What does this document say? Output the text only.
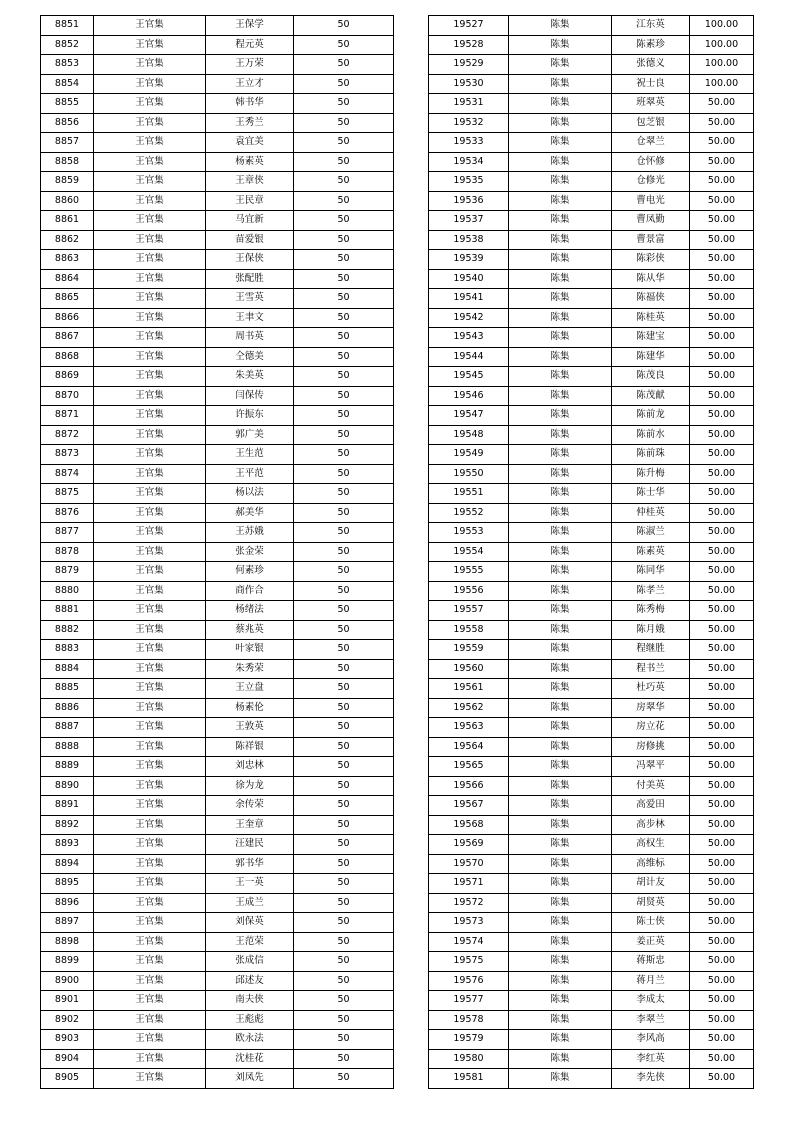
8851	王官集	王保学	50
8852	王官集	程元英	50
8853	王官集	王万荣	50
8854	王官集	王立才	50
8855	王官集	韩书华	50
8856	王官集	王秀兰	50
8857	王官集	袁宜美	50
8858	王官集	杨素英	50
8859	王官集	王章侠	50
8860	王官集	王民章	50
8861	王官集	马宜新	50
8862	王官集	苗爱银	50
8863	王官集	王保侠	50
8864	王官集	张配胜	50
8865	王官集	王雪英	50
8866	王官集	王聿文	50
8867	王官集	周书英	50
8868	王官集	仝德美	50
8869	王官集	朱美英	50
8870	王官集	闫保传	50
8871	王官集	许振东	50
8872	王官集	郭广美	50
8873	王官集	王生范	50
8874	王官集	王平范	50
8875	王官集	杨以法	50
8876	王官集	郝美华	50
8877	王官集	王苏娥	50
8878	王官集	张金荣	50
8879	王官集	何素珍	50
8880	王官集	商作合	50
8881	王官集	杨绪法	50
8882	王官集	蔡兆英	50
8883	王官集	叶家银	50
8884	王官集	朱秀荣	50
8885	王官集	王立盘	50
8886	王官集	杨素伦	50
8887	王官集	王敦英	50
8888	王官集	陈祥银	50
8889	王官集	刘忠林	50
8890	王官集	徐为龙	50
8891	王官集	余传荣	50
8892	王官集	王奎章	50
8893	王官集	汪建民	50
8894	王官集	郭书华	50
8895	王官集	王一英	50
8896	王官集	王成兰	50
8897	王官集	刘保英	50
8898	王官集	王范荣	50
8899	王官集	张成信	50
8900	王官集	邱述友	50
8901	王官集	南夫侠	50
8902	王官集	王彪彪	50
8903	王官集	欧永法	50
8904	王官集	沈桂花	50
8905	王官集	刘凤先	50
19527	陈集	江东英	100.00
19528	陈集	陈素珍	100.00
19529	陈集	张德义	100.00
19530	陈集	祝士良	100.00
19531	陈集	班翠英	50.00
19532	陈集	包芝银	50.00
19533	陈集	仓翠兰	50.00
19534	陈集	仓怀修	50.00
19535	陈集	仓修光	50.00
19536	陈集	曹电光	50.00
19537	陈集	曹凤勤	50.00
19538	陈集	曹景富	50.00
19539	陈集	陈彩侠	50.00
19540	陈集	陈从华	50.00
19541	陈集	陈福侠	50.00
19542	陈集	陈桂英	50.00
19543	陈集	陈建宝	50.00
19544	陈集	陈建华	50.00
19545	陈集	陈茂良	50.00
19546	陈集	陈茂献	50.00
19547	陈集	陈前龙	50.00
19548	陈集	陈前水	50.00
19549	陈集	陈前珠	50.00
19550	陈集	陈升梅	50.00
19551	陈集	陈士华	50.00
19552	陈集	仲桂英	50.00
19553	陈集	陈淑兰	50.00
19554	陈集	陈素英	50.00
19555	陈集	陈同华	50.00
19556	陈集	陈孝兰	50.00
19557	陈集	陈秀梅	50.00
19558	陈集	陈月娥	50.00
19559	陈集	程继胜	50.00
19560	陈集	程书兰	50.00
19561	陈集	杜巧英	50.00
19562	陈集	房翠华	50.00
19563	陈集	房立花	50.00
19564	陈集	房修挑	50.00
19565	陈集	冯翠平	50.00
19566	陈集	付美英	50.00
19567	陈集	高爱田	50.00
19568	陈集	高步林	50.00
19569	陈集	高权生	50.00
19570	陈集	高维标	50.00
19571	陈集	胡计友	50.00
19572	陈集	胡贤英	50.00
19573	陈集	陈士侠	50.00
19574	陈集	姜正英	50.00
19575	陈集	蒋斯忠	50.00
19576	陈集	蒋月兰	50.00
19577	陈集	李成太	50.00
19578	陈集	李翠兰	50.00
19579	陈集	李风高	50.00
19580	陈集	李红英	50.00
19581	陈集	李先侠	50.00
